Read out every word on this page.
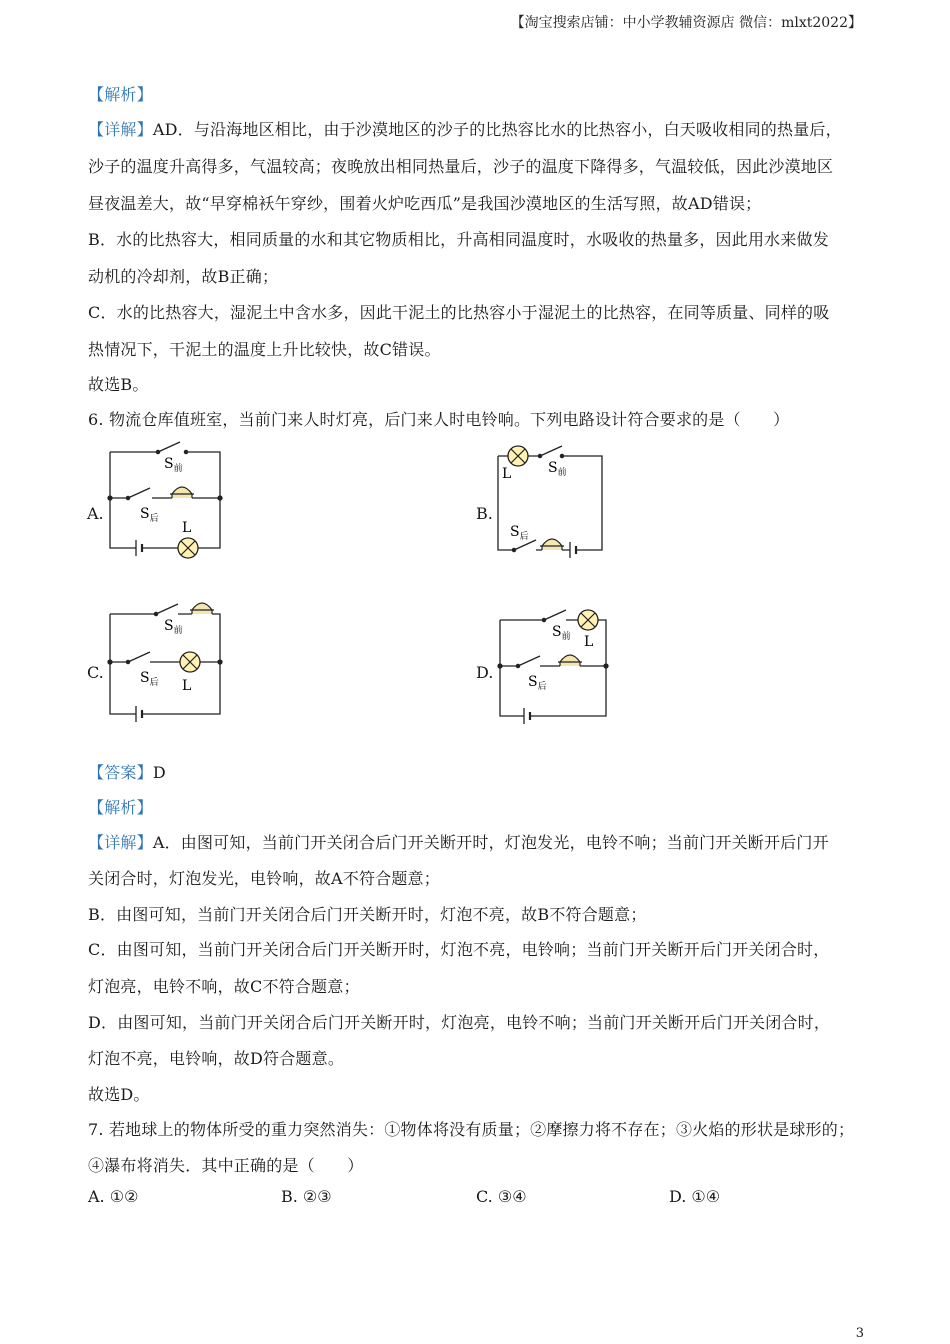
【淘宝搜索店铺：中小学教辅资源店 微信：mlxt2022】
【解析】
【详解】AD．与沿海地区相比，由于沙漠地区的沙子的比热容比水的比热容小，白天吸收相同的热量后，
沙子的温度升高得多，气温较高；夜晚放出相同热量后，沙子的温度下降得多，气温较低，因此沙漠地区
昼夜温差大，故“早穿棉袄午穿纱，围着火炉吃西瓜”是我国沙漠地区的生活写照，故AD错误；
B．水的比热容大，相同质量的水和其它物质相比，升高相同温度时，水吸收的热量多，因此用水来做发
动机的冷却剂，故B正确；
C．水的比热容大，湿泥土中含水多，因此干泥土的比热容小于湿泥土的比热容，在同等质量、同样的吸
热情况下，干泥土的温度上升比较快，故C错误。
故选B。
6. 物流仓库值班室，当前门来人时灯亮，后门来人时电铃响。下列电路设计符合要求的是（　　）
A.	B.
C.	D.
$S_前$
$S_后$
L
L	$S_前$
$S_后$
$S_前$
$S_后$ L
$S_前$ L
$S_后$
【答案】D
【解析】
【详解】A．由图可知，当前门开关闭合后门开关断开时，灯泡发光，电铃不响；当前门开关断开后门开
关闭合时，灯泡发光，电铃响，故A不符合题意；
B．由图可知，当前门开关闭合后门开关断开时，灯泡不亮，故B不符合题意；
C．由图可知，当前门开关闭合后门开关断开时，灯泡不亮，电铃响；当前门开关断开后门开关闭合时，
灯泡亮，电铃不响，故C不符合题意；
D．由图可知，当前门开关闭合后门开关断开时，灯泡亮，电铃不响；当前门开关断开后门开关闭合时，
灯泡不亮，电铃响，故D符合题意。
故选D。
7. 若地球上的物体所受的重力突然消失：①物体将没有质量；②摩擦力将不存在；③火焰的形状是球形的；
④瀑布将消失．其中正确的是（　　）
A. ①②	B. ②③	C. ③④	D. ①④
3
